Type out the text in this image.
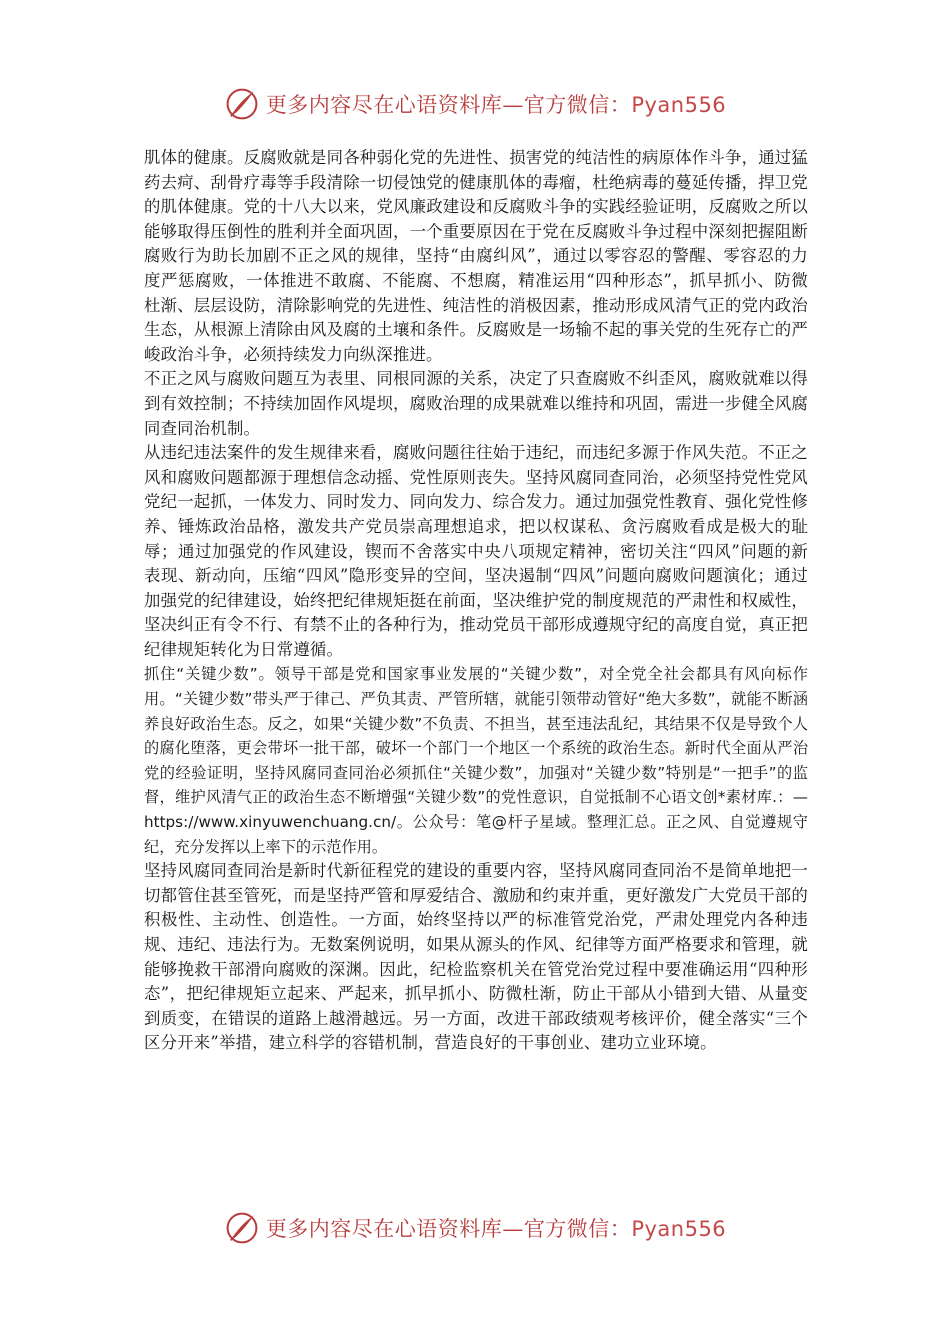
更多内容尽在心语资料库—官方微信：Pyan556

肌体的健康。反腐败就是同各种弱化党的先进性、损害党的纯洁性的病原体作斗争，通过猛药去疴、刮骨疗毒等手段清除一切侵蚀党的健康肌体的毒瘤，杜绝病毒的蔓延传播，捍卫党的肌体健康。党的十八大以来，党风廉政建设和反腐败斗争的实践经验证明，反腐败之所以能够取得压倒性的胜利并全面巩固，一个重要原因在于党在反腐败斗争过程中深刻把握阻断腐败行为助长加剧不正之风的规律，坚持“由腐纠风”，通过以零容忍的警醒、零容忍的力度严惩腐败，一体推进不敢腐、不能腐、不想腐，精准运用“四种形态”，抓早抓小、防微杜渐、层层设防，清除影响党的先进性、纯洁性的消极因素，推动形成风清气正的党内政治生态，从根源上清除由风及腐的土壤和条件。反腐败是一场输不起的事关党的生死存亡的严峻政治斗争，必须持续发力向纵深推进。

不正之风与腐败问题互为表里、同根同源的关系，决定了只查腐败不纠歪风，腐败就难以得到有效控制；不持续加固作风堤坝，腐败治理的成果就难以维持和巩固，需进一步健全风腐同查同治机制。

从违纪违法案件的发生规律来看，腐败问题往往始于违纪，而违纪多源于作风失范。不正之风和腐败问题都源于理想信念动摇、党性原则丧失。坚持风腐同查同治，必须坚持党性党风党纪一起抓，一体发力、同时发力、同向发力、综合发力。通过加强党性教育、强化党性修养、锤炼政治品格，激发共产党员崇高理想追求，把以权谋私、贪污腐败看成是极大的耻辱；通过加强党的作风建设，锲而不舍落实中央八项规定精神，密切关注“四风”问题的新表现、新动向，压缩“四风”隐形变异的空间，坚决遏制“四风”问题向腐败问题演化；通过加强党的纪律建设，始终把纪律规矩挺在前面，坚决维护党的制度规范的严肃性和权威性，坚决纠正有令不行、有禁不止的各种行为，推动党员干部形成遵规守纪的高度自觉，真正把纪律规矩转化为日常遵循。

抓住“关键少数”。领导干部是党和国家事业发展的“关键少数”，对全党全社会都具有风向标作用。“关键少数”带头严于律己、严负其责、严管所辖，就能引领带动管好“绝大多数”，就能不断涵养良好政治生态。反之，如果“关键少数”不负责、不担当，甚至违法乱纪，其结果不仅是导致个人的腐化堕落，更会带坏一批干部，破坏一个部门一个地区一个系统的政治生态。新时代全面从严治党的经验证明，坚持风腐同查同治必须抓住“关键少数”，加强对“关键少数”特别是“一把手”的监督，维护风清气正的政治生态不断增强“关键少数”的党性意识，自觉抵制不心语文创*素材库.：—https://www.xinyuwenchuang.cn/。公众号：笔@杆子星域。整理汇总。正之风、自觉遵规守纪，充分发挥以上率下的示范作用。

坚持风腐同查同治是新时代新征程党的建设的重要内容，坚持风腐同查同治不是简单地把一切都管住甚至管死，而是坚持严管和厚爱结合、激励和约束并重，更好激发广大党员干部的积极性、主动性、创造性。一方面，始终坚持以严的标准管党治党，严肃处理党内各种违规、违纪、违法行为。无数案例说明，如果从源头的作风、纪律等方面严格要求和管理，就能够挽救干部滑向腐败的深渊。因此，纪检监察机关在管党治党过程中要准确运用“四种形态”，把纪律规矩立起来、严起来，抓早抓小、防微杜渐，防止干部从小错到大错、从量变到质变，在错误的道路上越滑越远。另一方面，改进干部政绩观考核评价，健全落实“三个区分开来”举措，建立科学的容错机制，营造良好的干事创业、建功立业环境。

更多内容尽在心语资料库—官方微信：Pyan556
